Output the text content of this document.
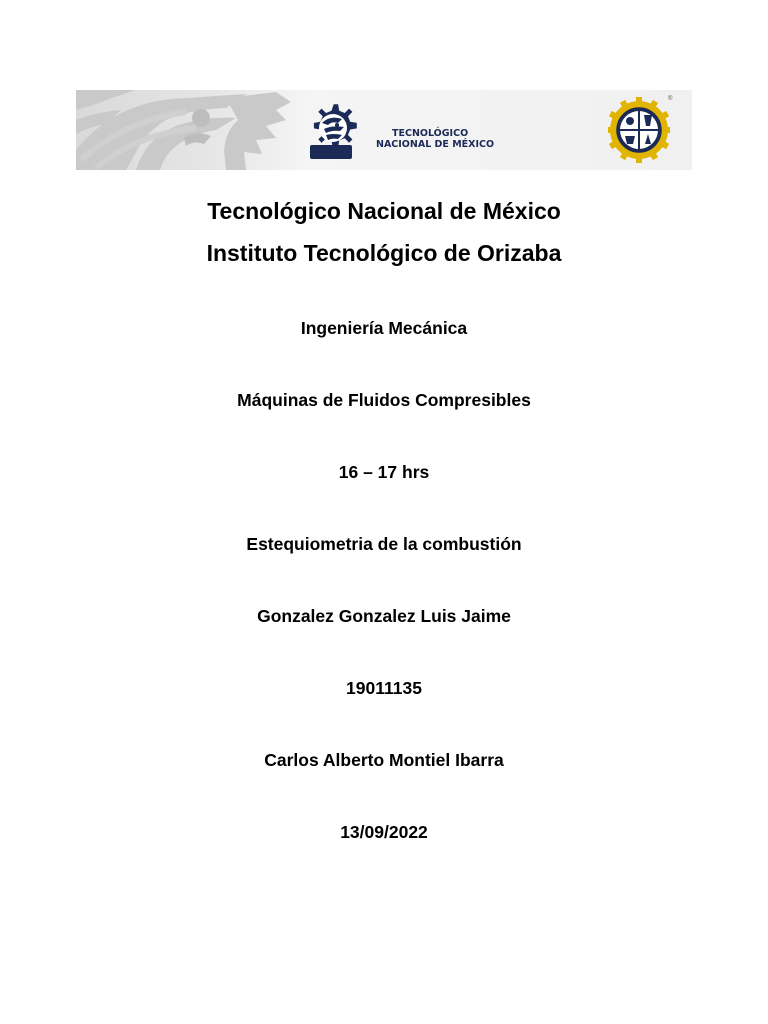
TECNOLÓGICO
NACIONAL DE MÉXICO
®
Tecnológico Nacional de México
Instituto Tecnológico de Orizaba
Ingeniería Mecánica
Máquinas de Fluidos Compresibles
16 – 17 hrs
Estequiometria de la combustión
Gonzalez Gonzalez Luis Jaime
19011135
Carlos Alberto Montiel Ibarra
13/09/2022
